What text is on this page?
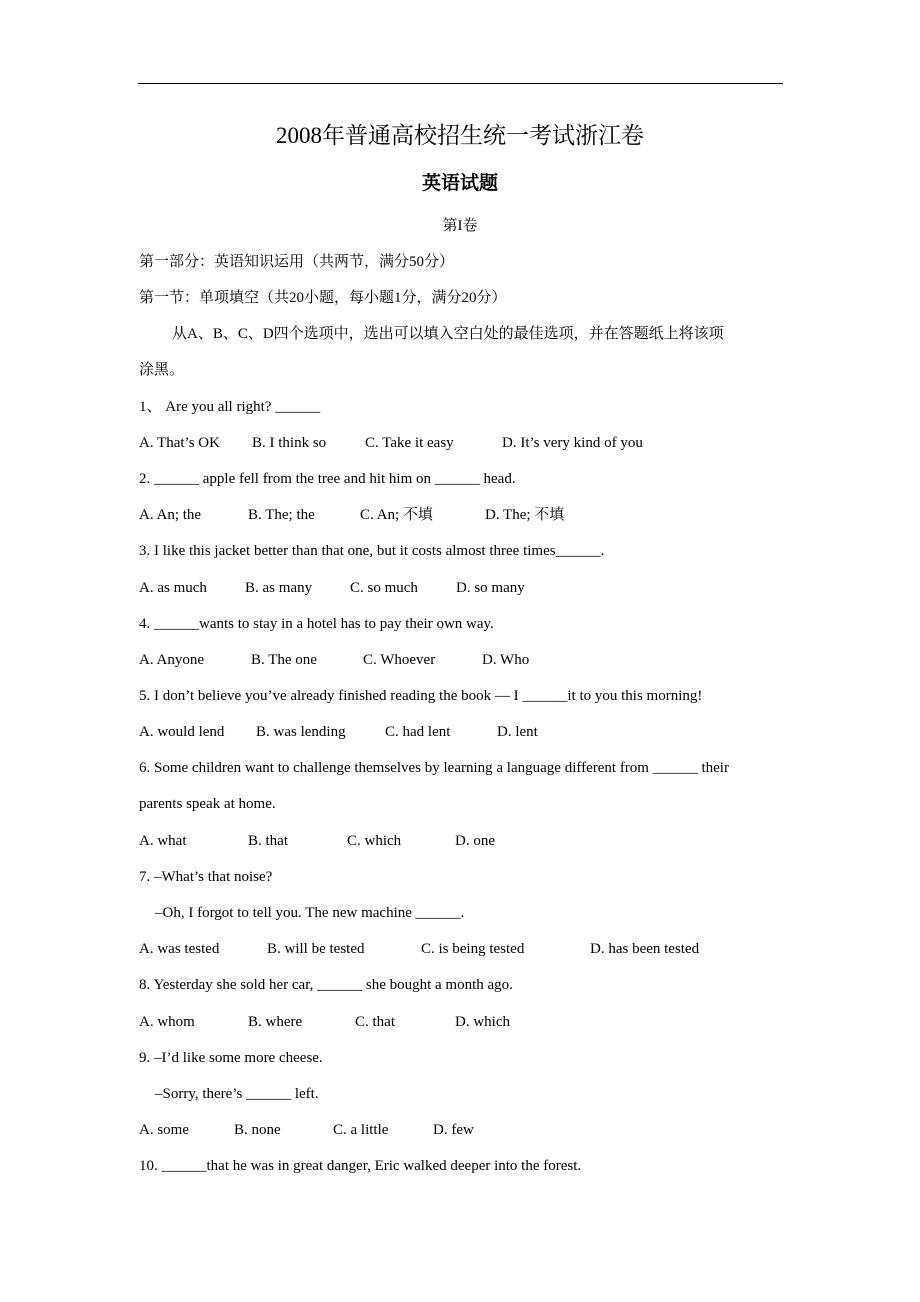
2008年普通高校招生统一考试浙江卷
英语试题
第I卷
第一部分：英语知识运用（共两节，满分50分）
第一节：单项填空（共20小题，每小题1分，满分20分）
从A、B、C、D四个选项中，选出可以填入空白处的最佳选项，并在答题纸上将该项
涂黑。
1、 Are you all right? ______
A. That’s OK B. I think so	C. Take it easy	D. It’s very kind of you
2. ______ apple fell from the tree and hit him on ______ head.
A. An; the	B. The; the	C. An; 不填	D. The; 不填
3. I like this jacket better than that one, but it costs almost three times______.
A. as much	B. as many	C. so much	D. so many
4. ______wants to stay in a hotel has to pay their own way.
A. Anyone	B. The one	C. Whoever	D. Who
5. I don’t believe you’ve already finished reading the book — I ______it to you this morning!
A. would lend B. was lending	C. had lent	D. lent
6. Some children want to challenge themselves by learning a language different from ______ their
parents speak at home.
A. what	B. that	C. which	D. one
7. –What’s that noise?
–Oh, I forgot to tell you. The new machine ______.
A. was tested	B. will be tested	C. is being tested	D. has been tested
8. Yesterday she sold her car, ______ she bought a month ago.
A. whom	B. where	C. that	D. which
9. –I’d like some more cheese.
–Sorry, there’s ______ left.
A. some	B. none	C. a little	D. few
10. ______that he was in great danger, Eric walked deeper into the forest.
